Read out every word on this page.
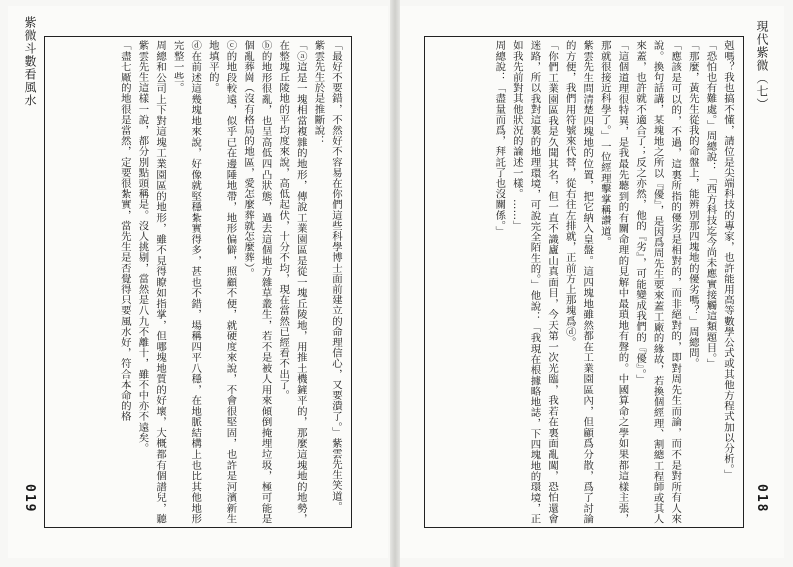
紫微斗數看風水	「最好不要錯，不然好不容易在你們這些科學博士面前建立的命理信心，又要潰了。」紫雲先生笑道。

紫雲先生於是推斷說：

「ⓐ這是一塊相當複雜的地形，傳說工業園區是從一塊丘陵地，用推土機鏟平的，那麼這塊地的地勢，在整塊丘陵地的平均度來說，高低起伏，十分不均，現在當然已經看不出了。

ⓑ的地形很亂，也呈高低四凸狀態，過去這個地方雜草叢生，若不是被人用來傾倒掩埋垃圾，極可能是個亂葬崗（沒有格局的地區，愛怎麼葬就怎麼葬）。

ⓒ的地段較遠，似乎已在邊陲地帶，地形偏僻，照顧不便，就硬度來說，不會很堅固，也許是河濱新生地填平的。

ⓓ在前述這幾塊地來說，好像就堅穩紮實得多，甚也不錯，場稱四平八穩，在地脈結構上也比其他地形完整一些。

周總和公司上下對這塊工業園區的地形，雖不見得瞭如指掌，但哪塊地質的好壞，大概都有個譜兒，聽紫雲先生這樣一說，都分別點頭稱是。沒人挑剔，當然是八九不離十，雖不中亦不遠矣。

「盡七厰的地很是當然，定要很紮實，當先生是否覺得只要風水好，符合本命的格

019
現代紫微（七）

剋嗎？我也搞不懂，請位是尖端科技的專家，也許能用高等數學公式或其他方程式加以分析。」

「恐怕也有難處。」周總說：「西方科技迄今尚未應實接觸這類題目。」

「那麼，黃先生從我的命盤上，能辨別那四塊地的優劣嗎？」周總問。

「應該是可以的，不過，這裏所指的優劣是相對的，而非絕對的，即對周先生而論，而不是對所有人來說。換句話講，某塊地之所以『優』，是因爲周先生要來蓋工廠的緣故，若換個經理、割總工程師或其人來蓋，也許就不適合了；反之亦然，他的『劣』，可能變成我們的『優』。」

「這個道理很特異，是我最先聽到的有關命理的見解中最瑣地有聲的。中國算命之學如果都這樣主張，那就很接近科學了。」一位經理擊掌稱讚道。

紫雲先生問清楚四塊地的位置，把它納入皇盤。這四塊地雖然都在工業園區內，但顧爲分散，爲了討論的方便，我們用符號來代替，從右往左排就，正前方上那塊爲ⓓ。

「你們工業園區我是久聞其名，但一直不識廬山真面目，今天第一次光臨，我若在裏面亂闖，恐怕還會迷路，所以我對這裏的地理環境，可說完全陌生的。」他說：「我現在根據略地誌，下四塊地的環境，正如我先前對其他狀況的論述一樣。……」

周總說：「盡量而爲，拜託了也沒關係。」

018
